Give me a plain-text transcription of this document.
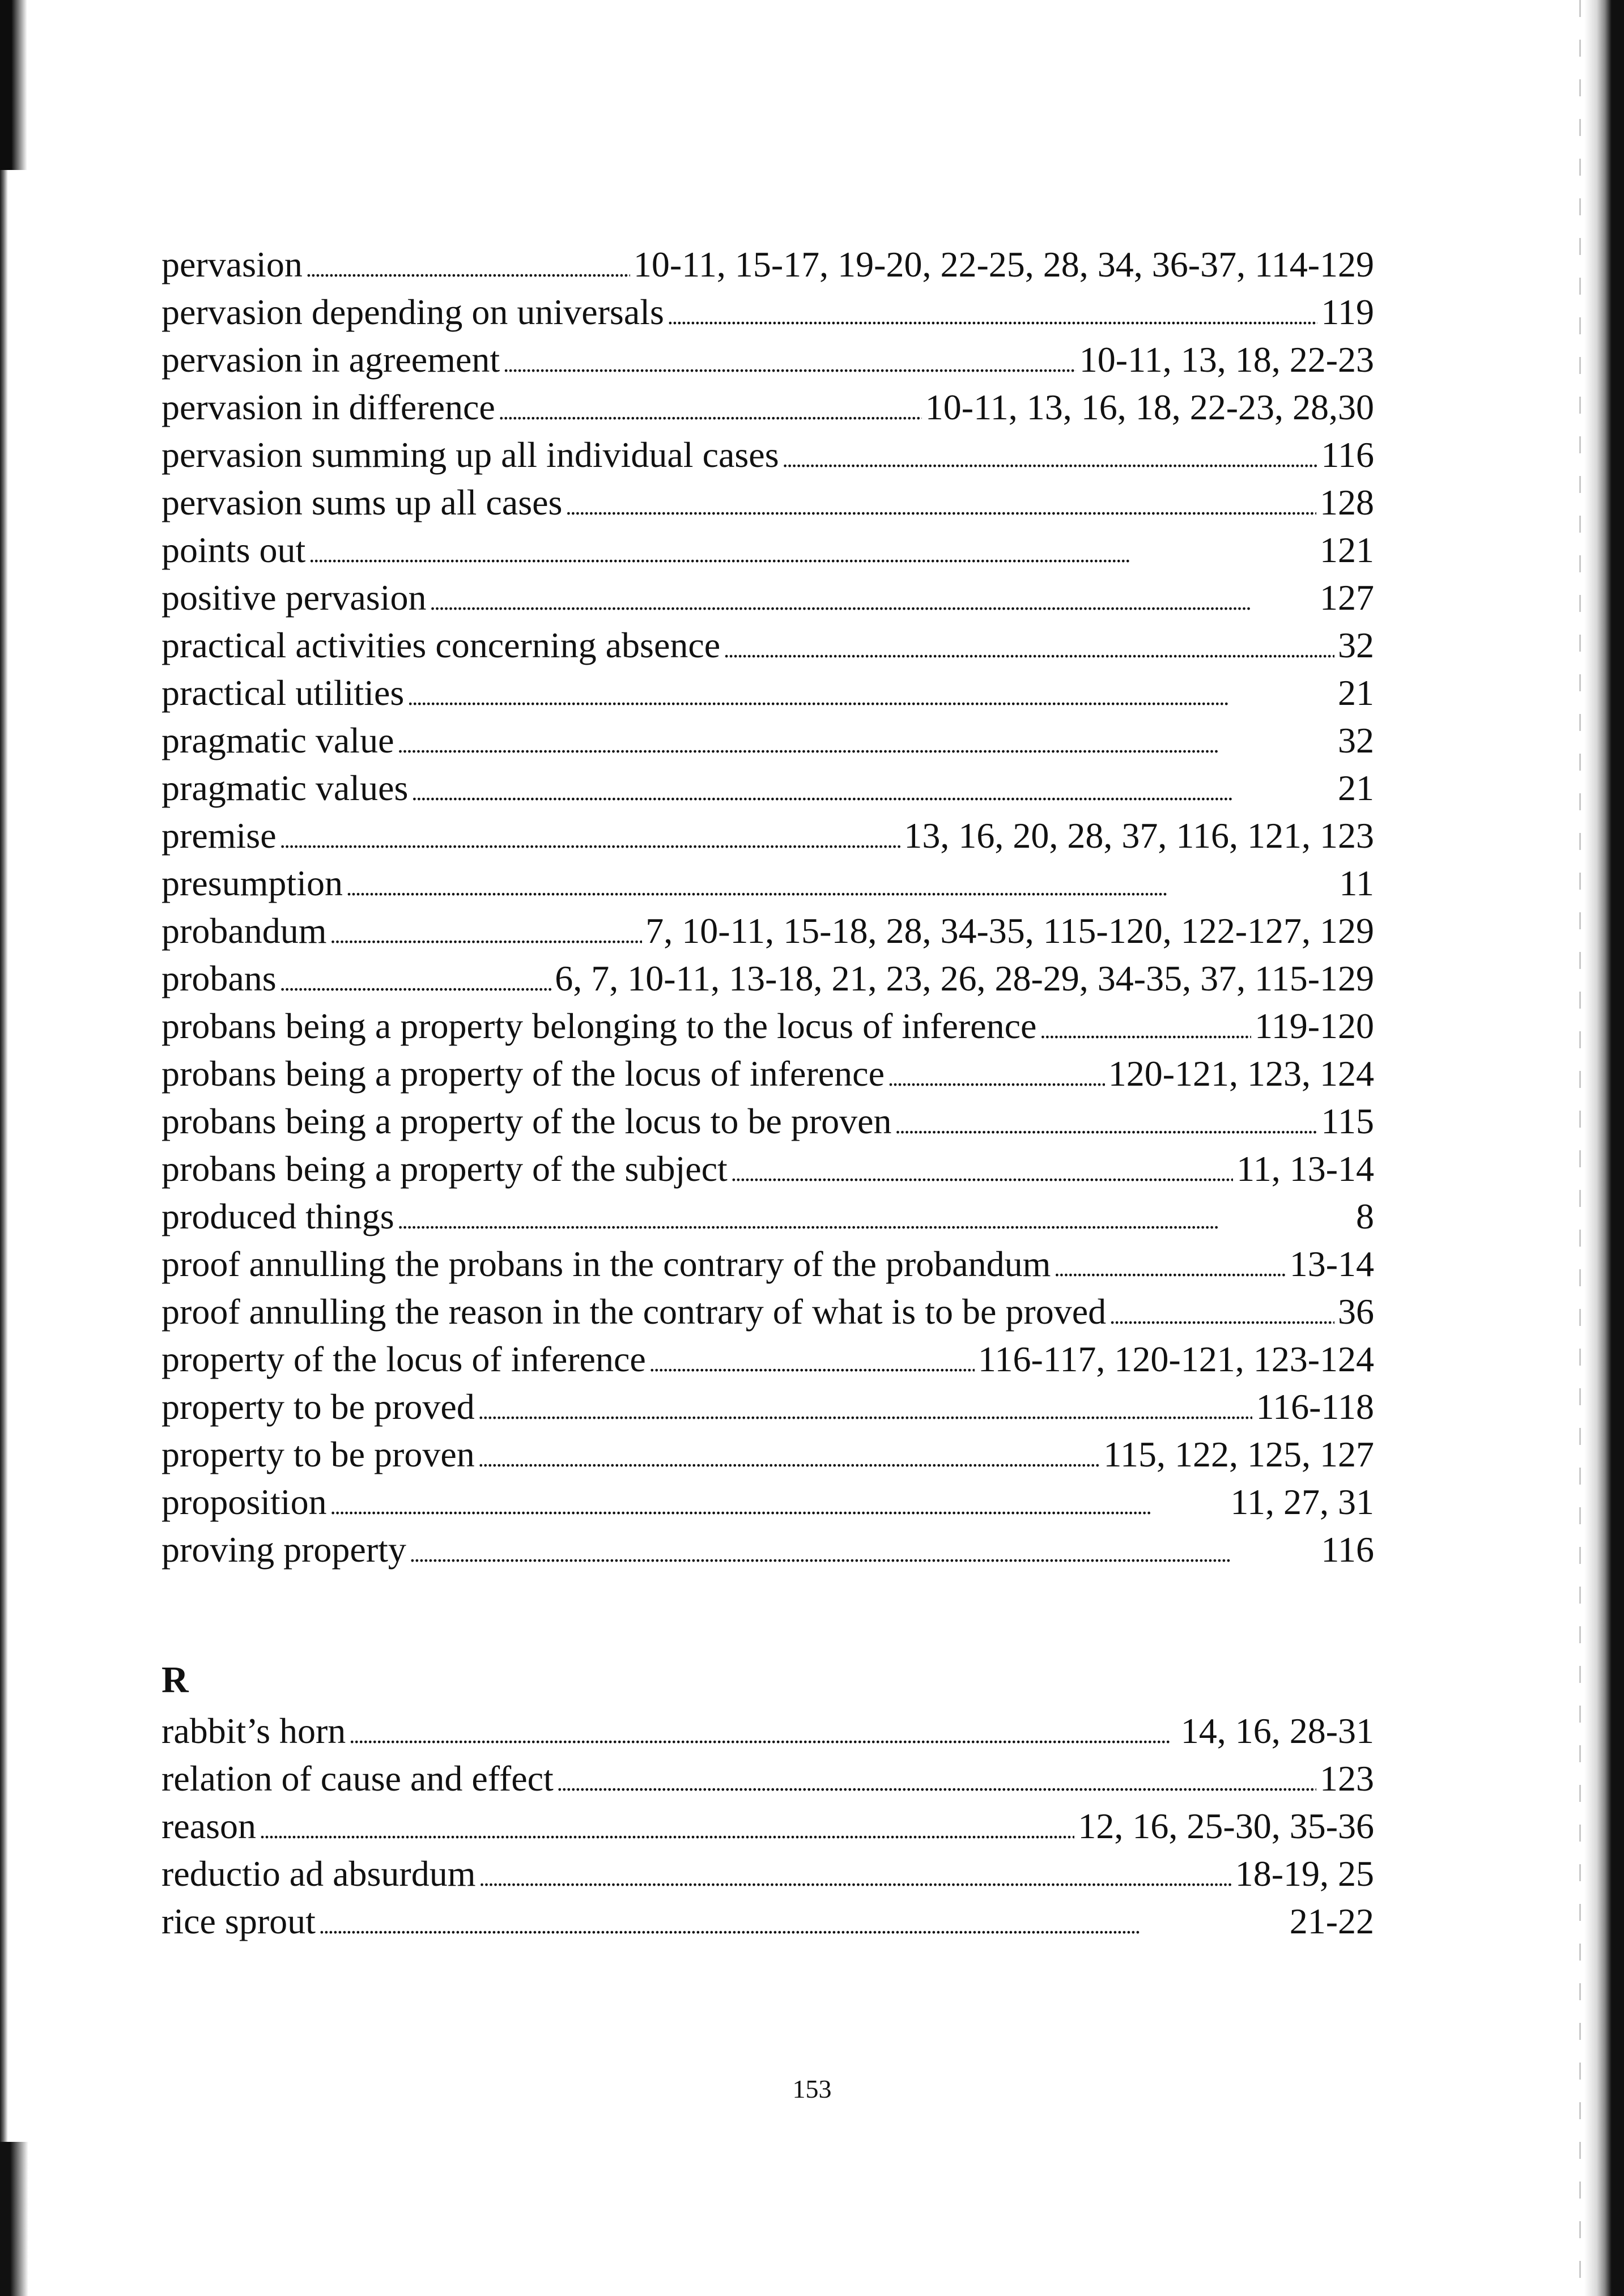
pervasion . . .	10-11, 15-17, 19-20, 22-25, 28, 34, 36-37, 114-129
pervasion depending on universals . . .	119
pervasion in agreement . . .	10-11, 13, 18, 22-23
pervasion in difference . . .	10-11, 13, 16, 18, 22-23, 28,30
pervasion summing up all individual cases . . .	116
pervasion sums up all cases . . .	128
points out . . .	121
positive pervasion . . .	127
practical activities concerning absence . . .	32
practical utilities . . .	21
pragmatic value . . .	32
pragmatic values . . .	21
premise . . .	13, 16, 20, 28, 37, 116, 121, 123
presumption . . .	11
probandum . . .	7, 10-11, 15-18, 28, 34-35, 115-120, 122-127, 129
probans . . .	6, 7, 10-11, 13-18, 21, 23, 26, 28-29, 34-35, 37, 115-129
probans being a property belonging to the locus of inference . . .	119-120
probans being a property of the locus of inference . . .	120-121, 123, 124
probans being a property of the locus to be proven . . .	115
probans being a property of the subject . . .	11, 13-14
produced things . . .	8
proof annulling the probans in the contrary of the probandum . . .	13-14
proof annulling the reason in the contrary of what is to be proved . . .	36
property of the locus of inference . . .	116-117, 120-121, 123-124
property to be proved . . .	116-118
property to be proven . . .	115, 122, 125, 127
proposition . . .	11, 27, 31
proving property . . .	116
R
rabbit’s horn . . .	14, 16, 28-31
relation of cause and effect . . .	123
reason . . .	12, 16, 25-30, 35-36
reductio ad absurdum . . .	18-19, 25
rice sprout . . .	21-22
153
